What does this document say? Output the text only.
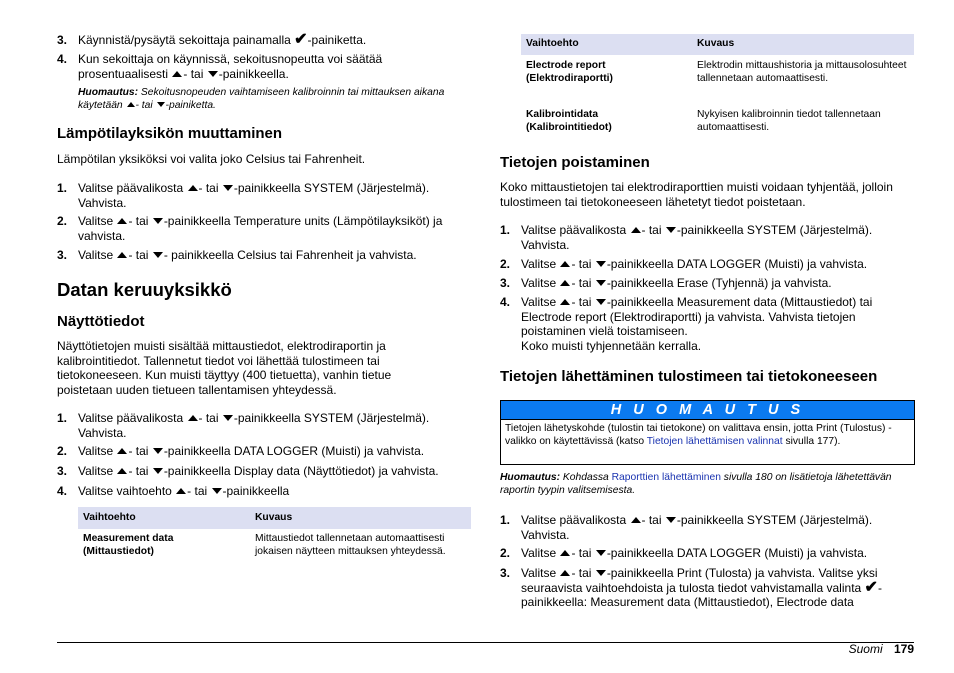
3. Käynnistä/pysäytä sekoittaja painamalla ✔-painiketta.
4. Kun sekoittaja on käynnissä, sekoitusnopeutta voi säätää prosentuaalisesti - tai -painikkeella.
Huomautus: Sekoitusnopeuden vaihtamiseen kalibroinnin tai mittauksen aikana käytetään - tai -painiketta.
Lämpötilayksikön muuttaminen
Lämpötilan yksiköksi voi valita joko Celsius tai Fahrenheit.
1. Valitse päävalikosta - tai -painikkeella SYSTEM (Järjestelmä). Vahvista.
2. Valitse - tai -painikkeella Temperature units (Lämpötilayksiköt) ja vahvista.
3. Valitse - tai - painikkeella Celsius tai Fahrenheit ja vahvista.
Datan keruuyksikkö
Näyttötiedot
Näyttötietojen muisti sisältää mittaustiedot, elektrodiraportin ja kalibrointitiedot. Tallennetut tiedot voi lähettää tulostimeen tai tietokoneeseen. Kun muisti täyttyy (400 tietuetta), vanhin tietue poistetaan uuden tietueen tallentamisen yhteydessä.
1. Valitse päävalikosta - tai -painikkeella SYSTEM (Järjestelmä). Vahvista.
2. Valitse - tai -painikkeella DATA LOGGER (Muisti) ja vahvista.
3. Valitse - tai -painikkeella Display data (Näyttötiedot) ja vahvista.
4. Valitse vaihtoehto - tai -painikkeella
Vaihtoehto	Kuvaus
Measurement data (Mittaustiedot)
Mittaustiedot tallennetaan automaattisesti jokaisen näytteen mittauksen yhteydessä.
Vaihtoehto	Kuvaus
Electrode report (Elektrodiraportti)
Elektrodin mittaushistoria ja mittausolosuhteet tallennetaan automaattisesti.
Kalibrointidata (Kalibrointitiedot)
Nykyisen kalibroinnin tiedot tallennetaan automaattisesti.
Tietojen poistaminen
Koko mittaustietojen tai elektrodiraporttien muisti voidaan tyhjentää, jolloin tulostimeen tai tietokoneeseen lähetetyt tiedot poistetaan.
1. Valitse päävalikosta - tai -painikkeella SYSTEM (Järjestelmä). Vahvista.
2. Valitse - tai -painikkeella DATA LOGGER (Muisti) ja vahvista.
3. Valitse - tai -painikkeella Erase (Tyhjennä) ja vahvista.
4. Valitse - tai -painikkeella Measurement data (Mittaustiedot) tai Electrode report (Elektrodiraportti) ja vahvista. Vahvista tietojen poistaminen vielä toistamiseen.
Koko muisti tyhjennetään kerralla.
Tietojen lähettäminen tulostimeen tai tietokoneeseen
H U O M A U T U S
Tietojen lähetyskohde (tulostin tai tietokone) on valittava ensin, jotta Print (Tulostus) -valikko on käytettävissä (katso Tietojen lähettämisen valinnat sivulla 177).
Huomautus: Kohdassa Raporttien lähettäminen sivulla 180 on lisätietoja lähetettävän raportin tyypin valitsemisesta.
1. Valitse päävalikosta - tai -painikkeella SYSTEM (Järjestelmä). Vahvista.
2. Valitse - tai -painikkeella DATA LOGGER (Muisti) ja vahvista.
3. Valitse - tai -painikkeella Print (Tulosta) ja vahvista. Valitse yksi seuraavista vaihtoehdoista ja tulosta tiedot vahvistamalla valinta ✔-painikkeella: Measurement data (Mittaustiedot), Electrode data
Suomi 179
